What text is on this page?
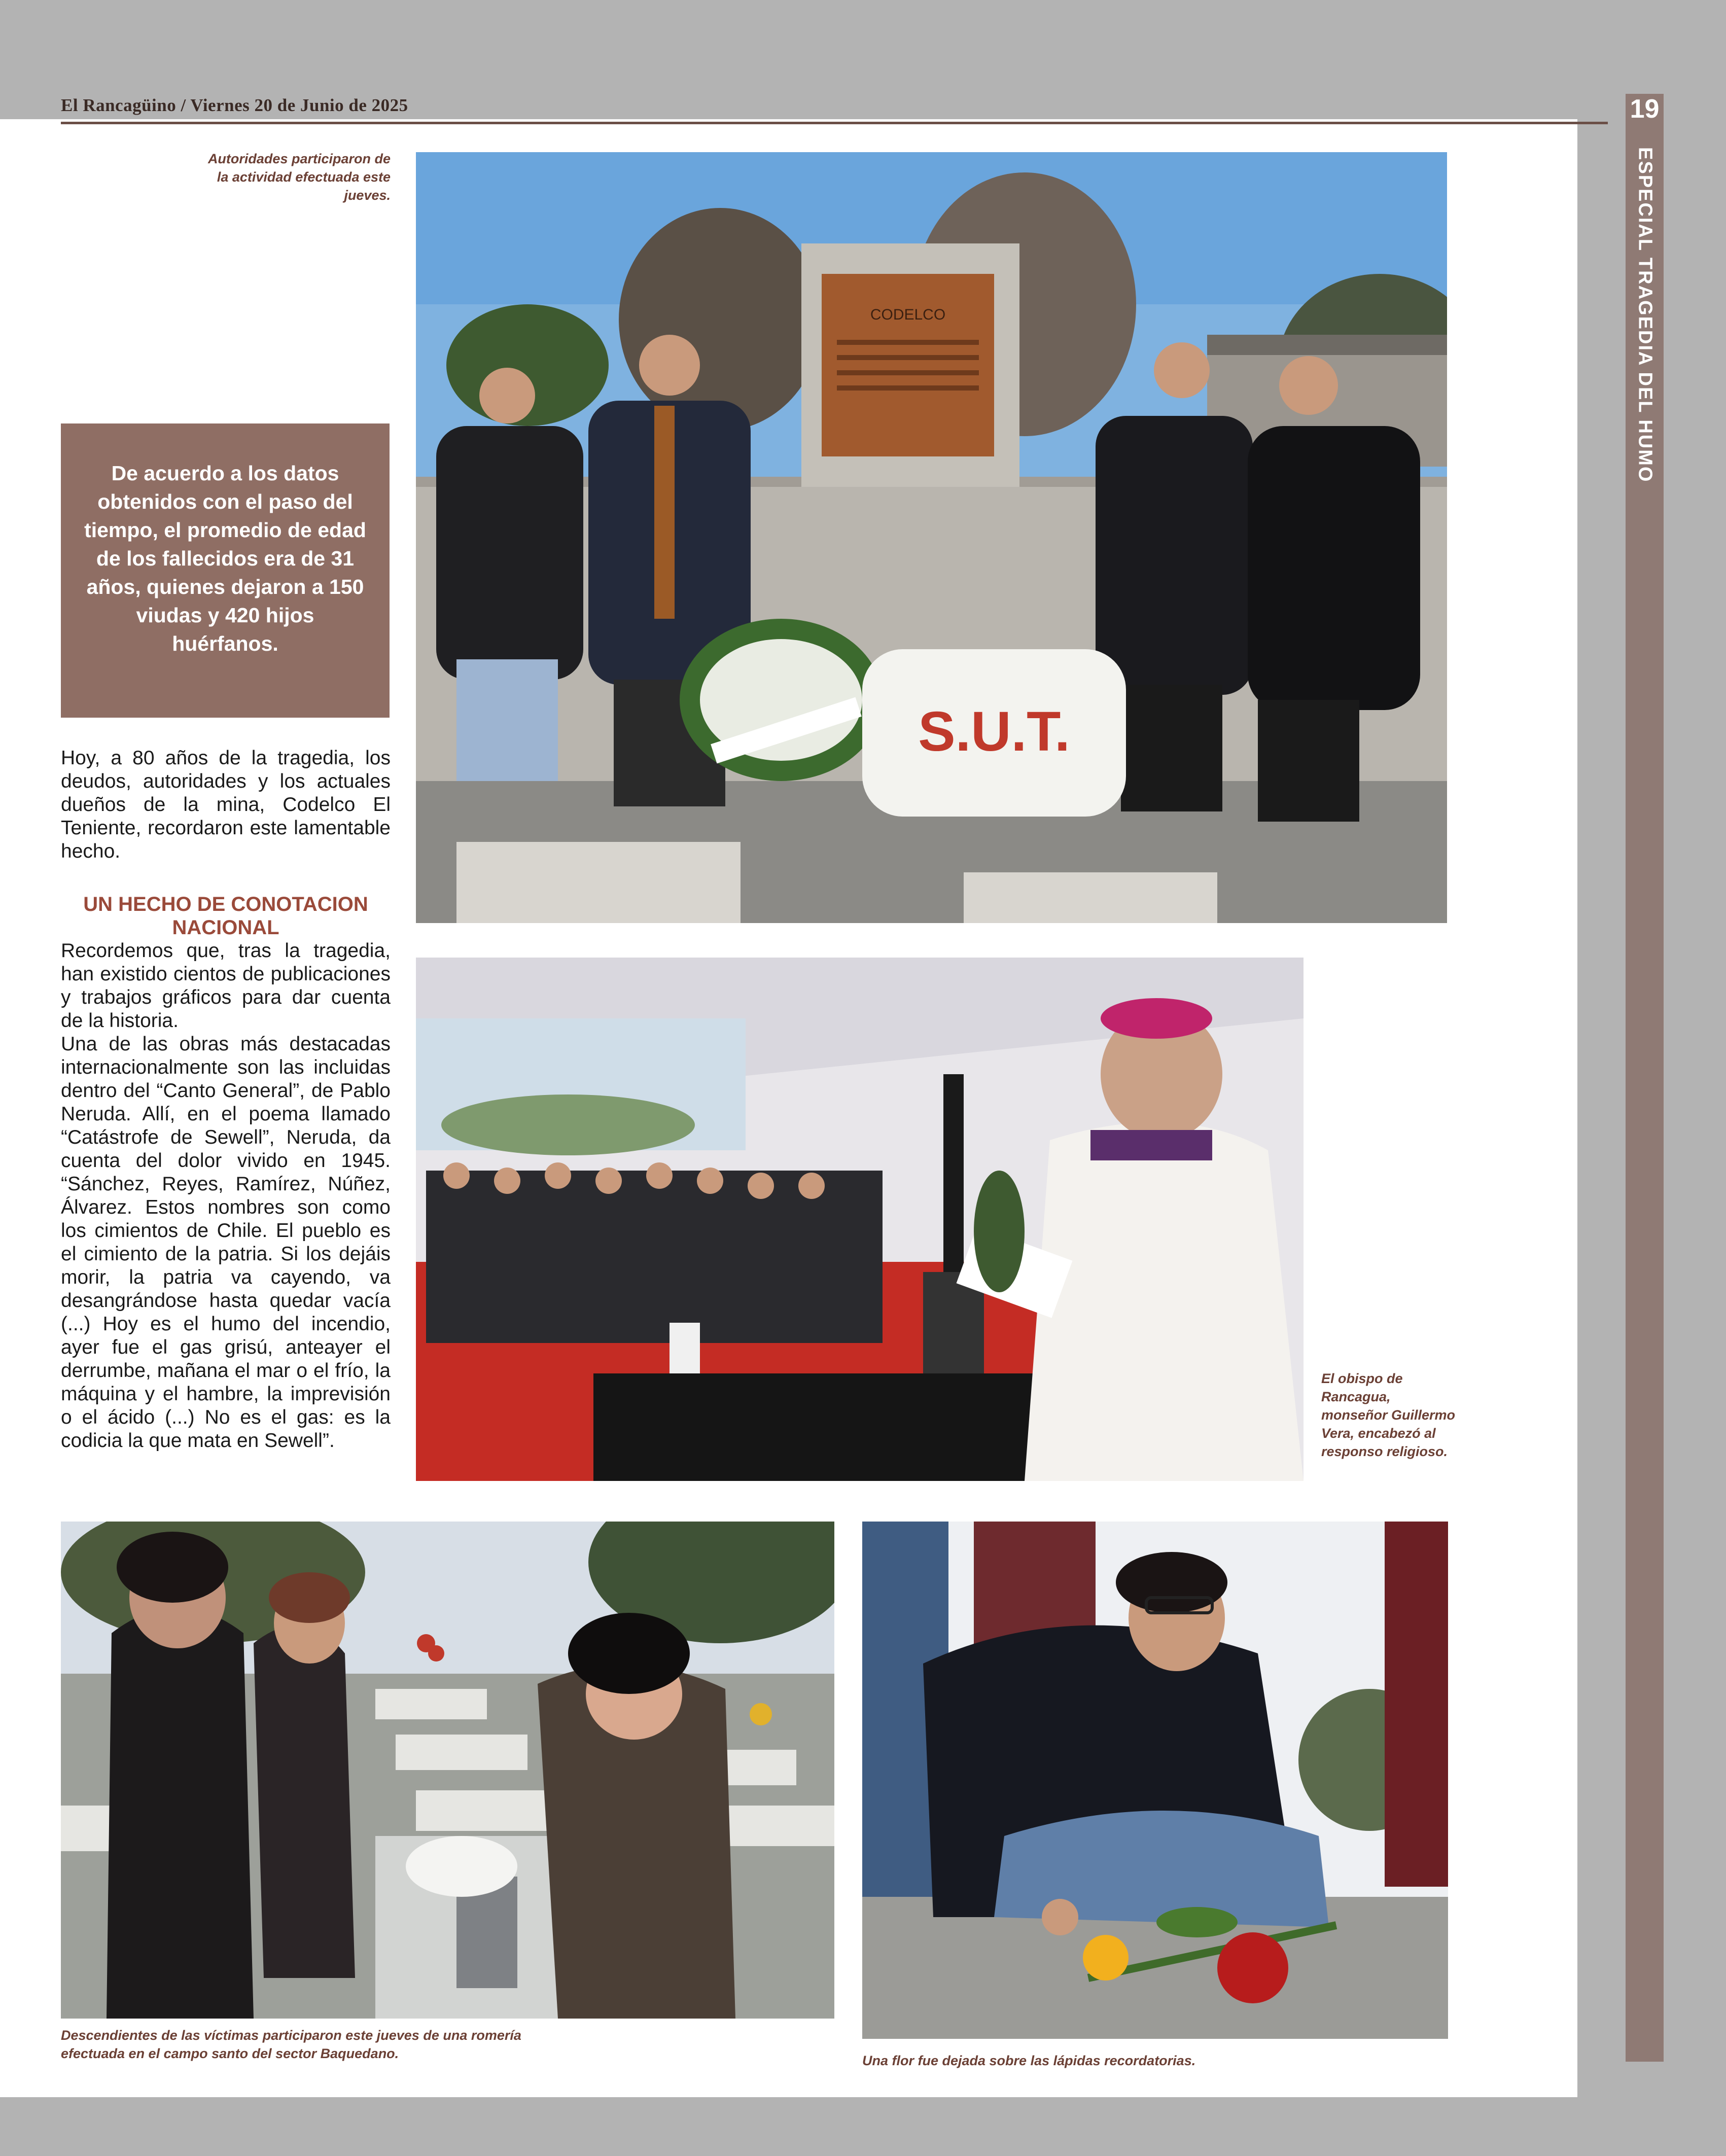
El Rancagüino / Viernes 20 de Junio de 2025	19
ESPECIAL TRAGEDIA DEL HUMO
Autoridades participaron de la actividad efectuada este jueves.
De acuerdo a los datos obtenidos con el paso del tiempo, el promedio de edad de los fallecidos era de 31 años, quienes dejaron a 150 viudas y 420 hijos huérfanos.
Hoy, a 80 años de la tragedia, los deudos, autoridades y los actuales dueños de la mina, Codelco El Teniente, recordaron este lamentable hecho.
UN HECHO DE CONOTACION NACIONAL
Recordemos que, tras la tragedia, han existido cientos de publicaciones y trabajos gráficos para dar cuenta de la historia.
Una de las obras más destacadas internacionalmente son las incluidas dentro del “Canto General”, de Pablo Neruda. Allí, en el poema llamado “Catástrofe de Sewell”, Neruda, da cuenta del dolor vivido en 1945. “Sánchez, Reyes, Ramírez, Núñez, Álvarez. Estos nombres son como los cimientos de Chile. El pueblo es el cimiento de la patria. Si los dejáis morir, la patria va cayendo, va desangrándose hasta quedar vacía (...) Hoy es el humo del incendio, ayer fue el gas grisú, anteayer el derrumbe, mañana el mar o el frío, la máquina y el hambre, la imprevisión o el ácido (...) No es el gas: es la codicia la que mata en Sewell”.
CODELCO
S.U.T.
El obispo de Rancagua, monseñor Guillermo Vera, encabezó al responso religioso.
Descendientes de las víctimas participaron este jueves de una romería efectuada en el campo santo del sector Baquedano.	Una flor fue dejada sobre las lápidas recordatorias.
